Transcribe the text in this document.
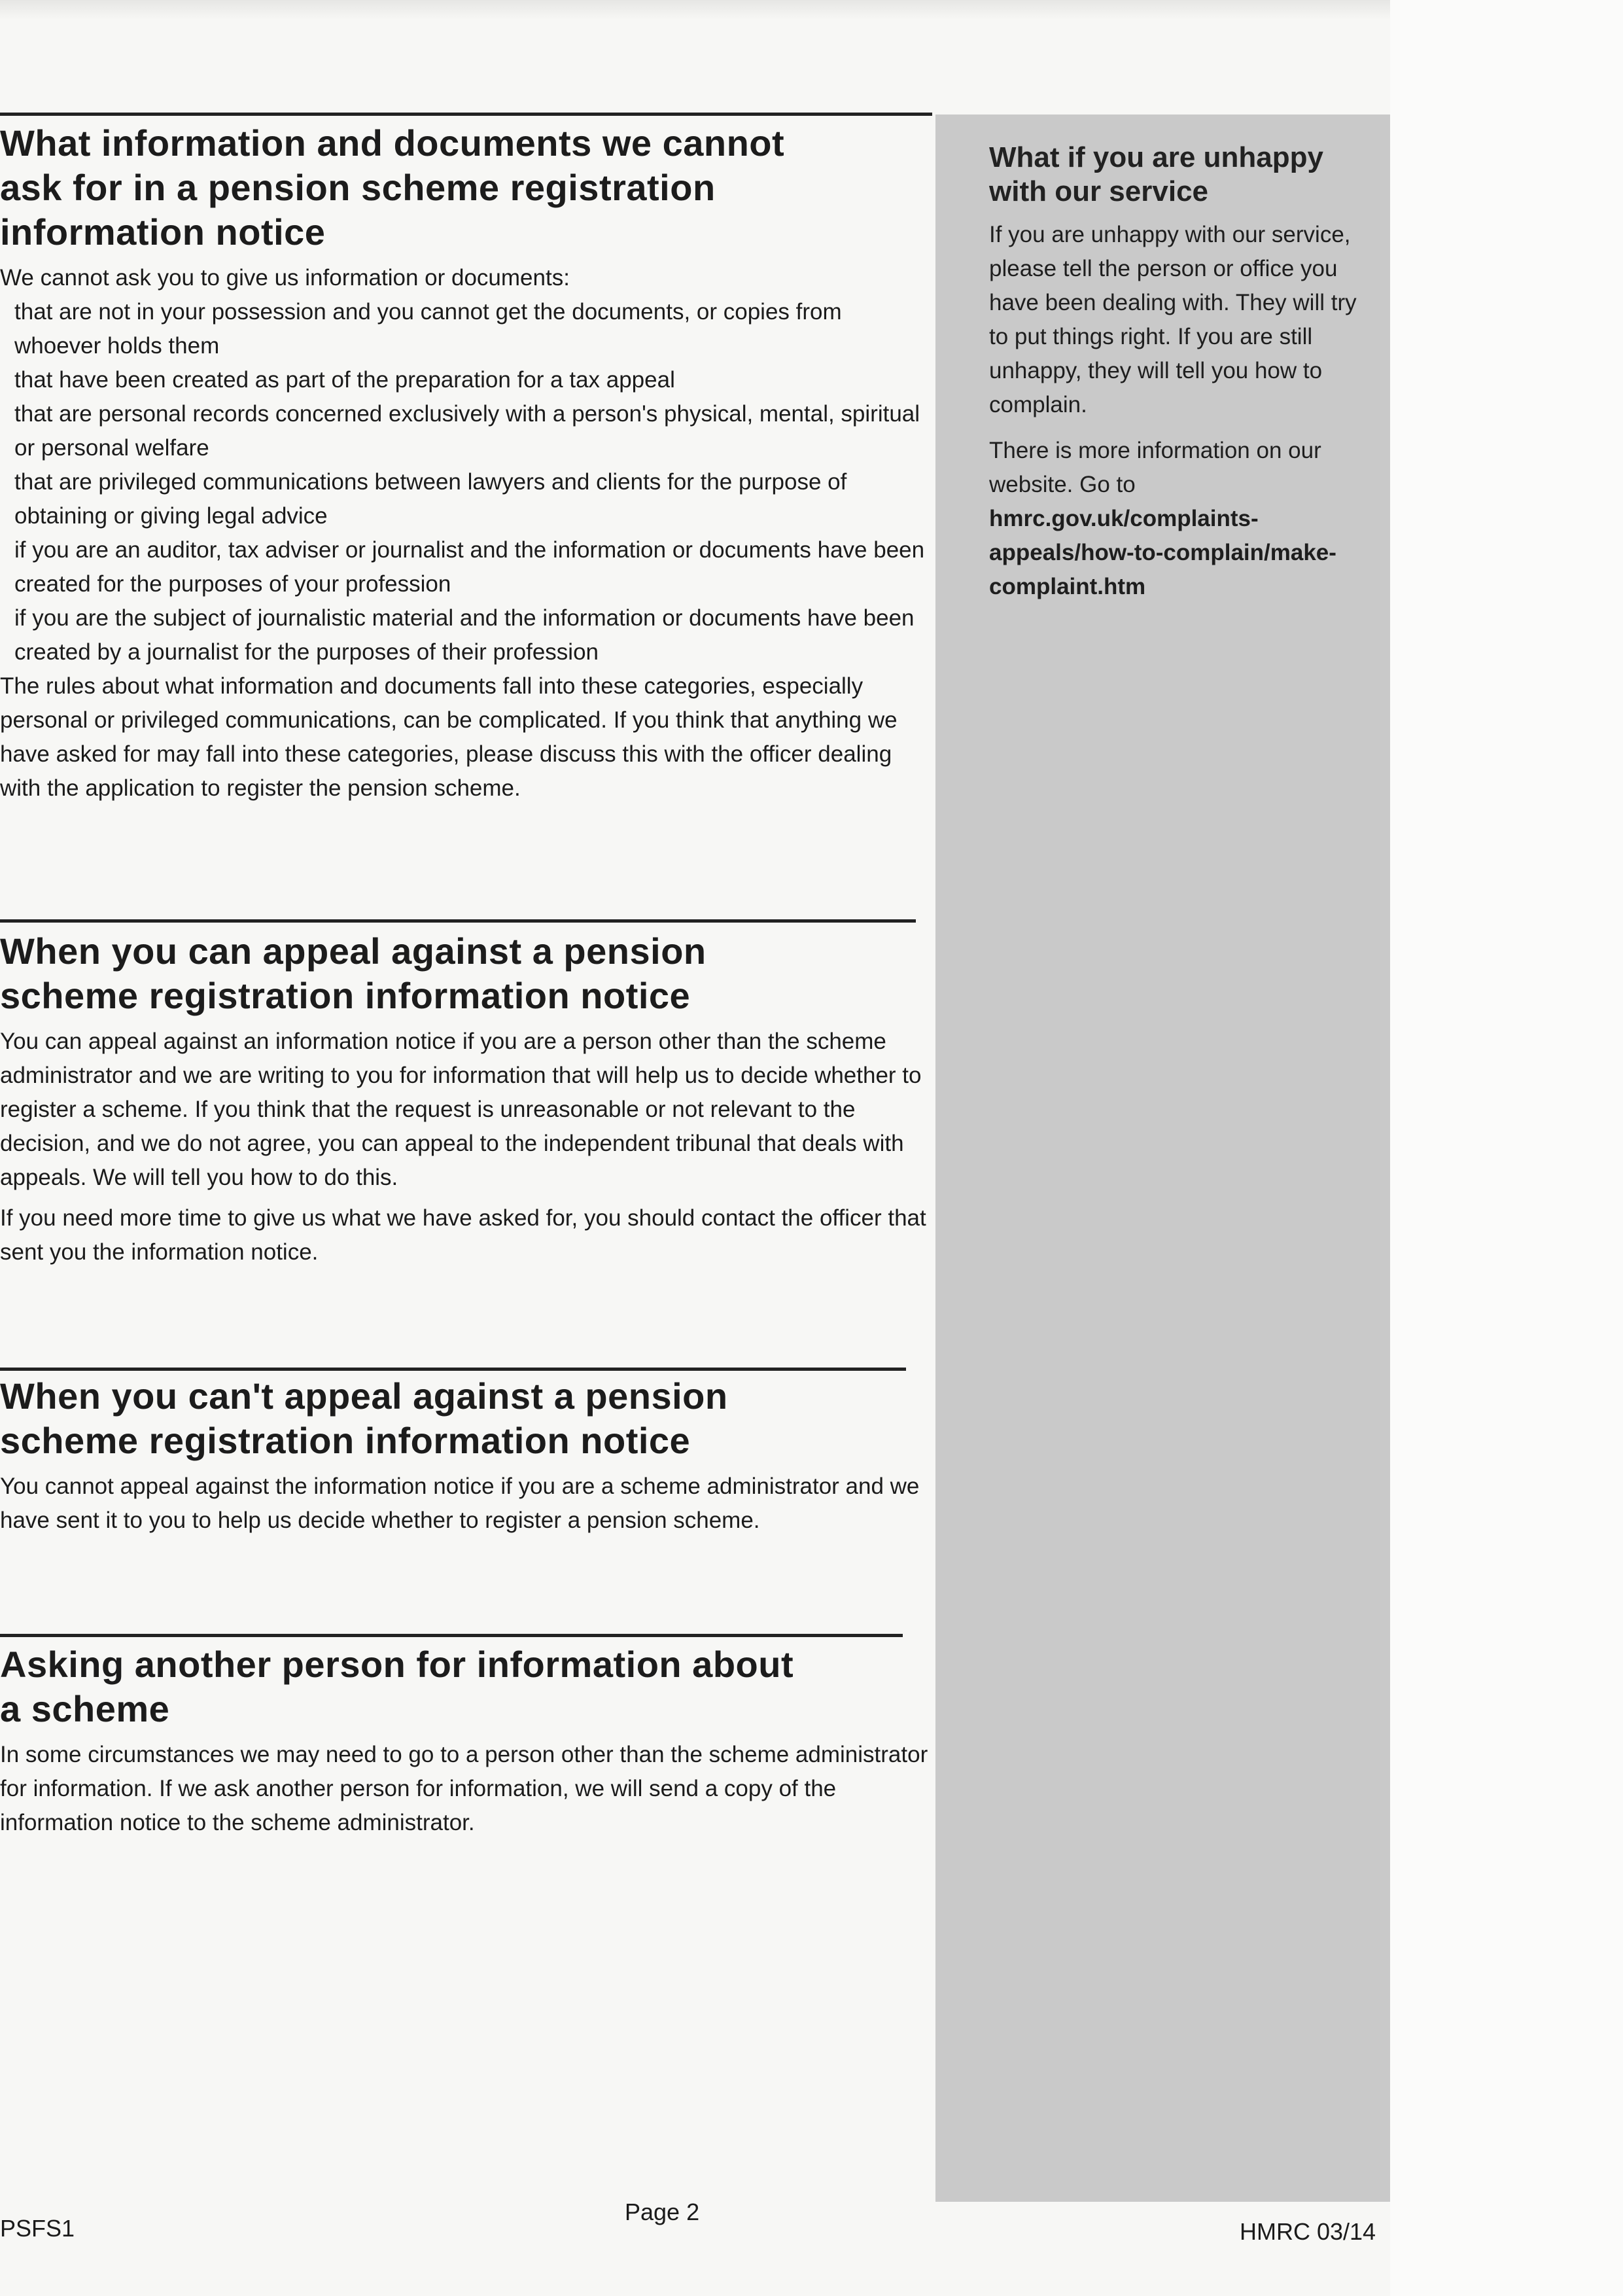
What information and documents we cannot ask for in a pension scheme registration information notice

We cannot ask you to give us information or documents:

that are not in your possession and you cannot get the documents, or copies from whoever holds them
that have been created as part of the preparation for a tax appeal
that are personal records concerned exclusively with a person's physical, mental, spiritual or personal welfare
that are privileged communications between lawyers and clients for the purpose of obtaining or giving legal advice
if you are an auditor, tax adviser or journalist and the information or documents have been created for the purposes of your profession
if you are the subject of journalistic material and the information or documents have been created by a journalist for the purposes of their profession

The rules about what information and documents fall into these categories, especially personal or privileged communications, can be complicated. If you think that anything we have asked for may fall into these categories, please discuss this with the officer dealing with the application to register the pension scheme.

When you can appeal against a pension scheme registration information notice

You can appeal against an information notice if you are a person other than the scheme administrator and we are writing to you for information that will help us to decide whether to register a scheme. If you think that the request is unreasonable or not relevant to the decision, and we do not agree, you can appeal to the independent tribunal that deals with appeals. We will tell you how to do this.

If you need more time to give us what we have asked for, you should contact the officer that sent you the information notice.

When you can't appeal against a pension scheme registration information notice

You cannot appeal against the information notice if you are a scheme administrator and we have sent it to you to help us decide whether to register a pension scheme.

Asking another person for information about a scheme

In some circumstances we may need to go to a person other than the scheme administrator for information. If we ask another person for information, we will send a copy of the information notice to the scheme administrator.

What if you are unhappy with our service

If you are unhappy with our service, please tell the person or office you have been dealing with. They will try to put things right. If you are still unhappy, they will tell you how to complain.

There is more information on our website. Go to hmrc.gov.uk/complaints-appeals/how-to-complain/make-complaint.htm

PSFS1
Page 2
HMRC 03/14
